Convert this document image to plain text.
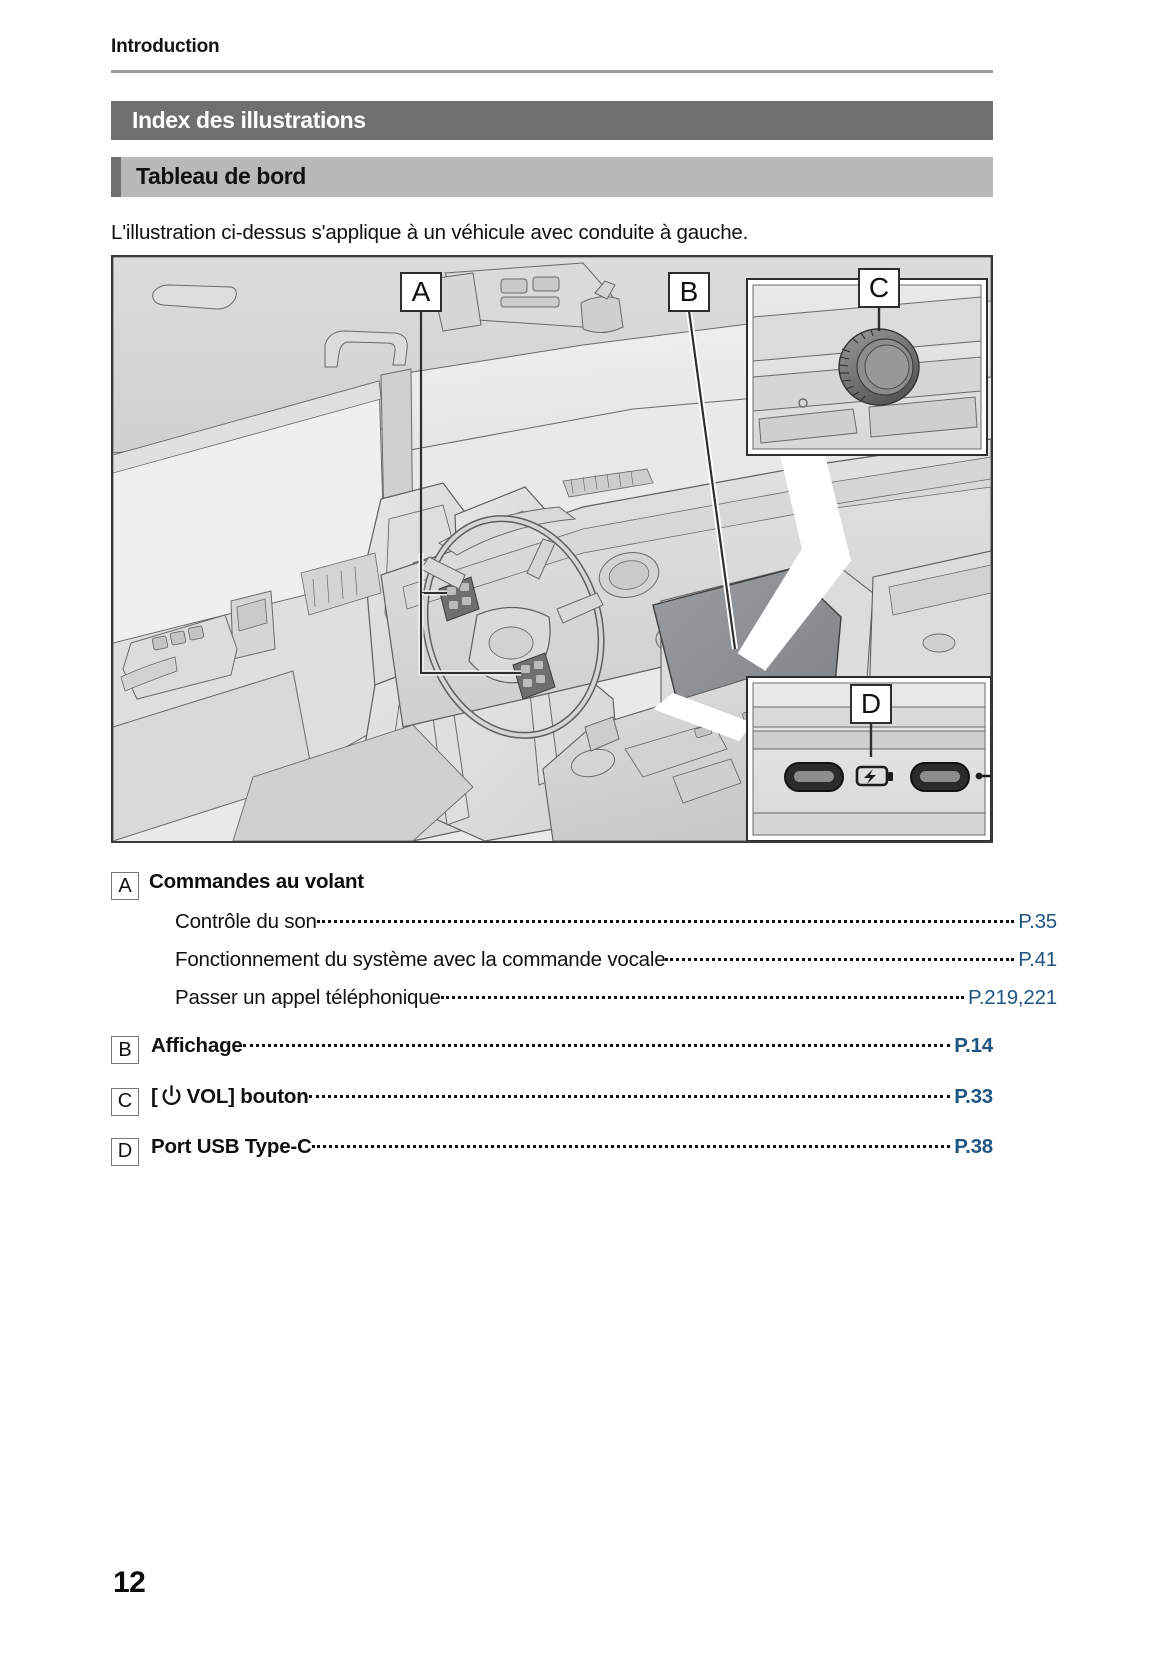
Introduction
Index des illustrations
Tableau de bord
L'illustration ci-dessus s'applique à un véhicule avec conduite à gauche.
C
D
A	B
A Commandes au volant
Contrôle du son	P.35
Fonctionnement du système avec la commande vocale	P.41
Passer un appel téléphonique	P.219,221
B Affichage	P.14
C [ VOL] bouton	P.33
D Port USB Type-C	P.38
12
